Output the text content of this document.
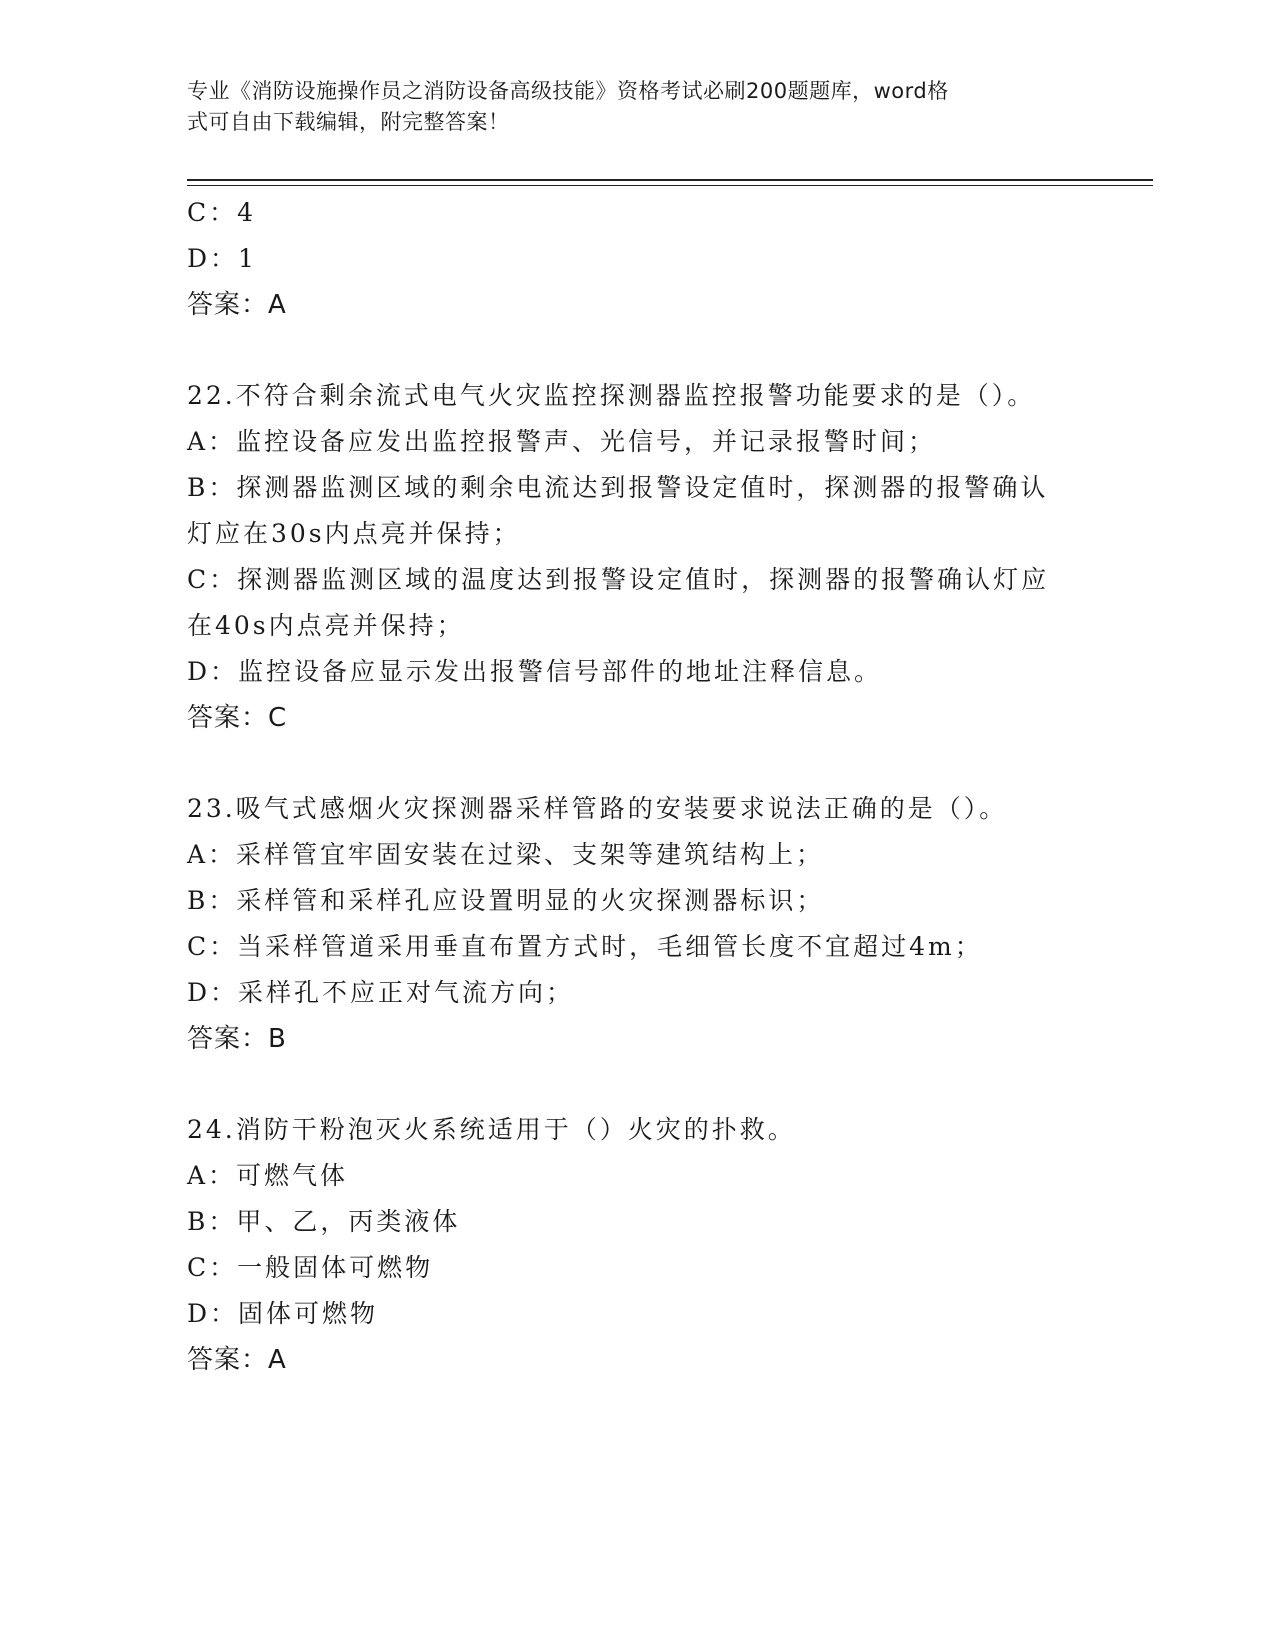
专业《消防设施操作员之消防设备高级技能》资格考试必刷200题题库，word格
式可自由下载编辑，附完整答案！
C：4
D：1
答案：A
22.不符合剩余流式电气火灾监控探测器监控报警功能要求的是（）。
A：监控设备应发出监控报警声、光信号，并记录报警时间；
B：探测器监测区域的剩余电流达到报警设定值时，探测器的报警确认
灯应在30s内点亮并保持；
C：探测器监测区域的温度达到报警设定值时，探测器的报警确认灯应
在40s内点亮并保持；
D：监控设备应显示发出报警信号部件的地址注释信息。
答案：C
23.吸气式感烟火灾探测器采样管路的安装要求说法正确的是（）。
A：采样管宜牢固安装在过梁、支架等建筑结构上；
B：采样管和采样孔应设置明显的火灾探测器标识；
C：当采样管道采用垂直布置方式时，毛细管长度不宜超过4m；
D：采样孔不应正对气流方向；
答案：B
24.消防干粉泡灭火系统适用于（）火灾的扑救。
A：可燃气体
B：甲、乙，丙类液体
C：一般固体可燃物
D：固体可燃物
答案：A
